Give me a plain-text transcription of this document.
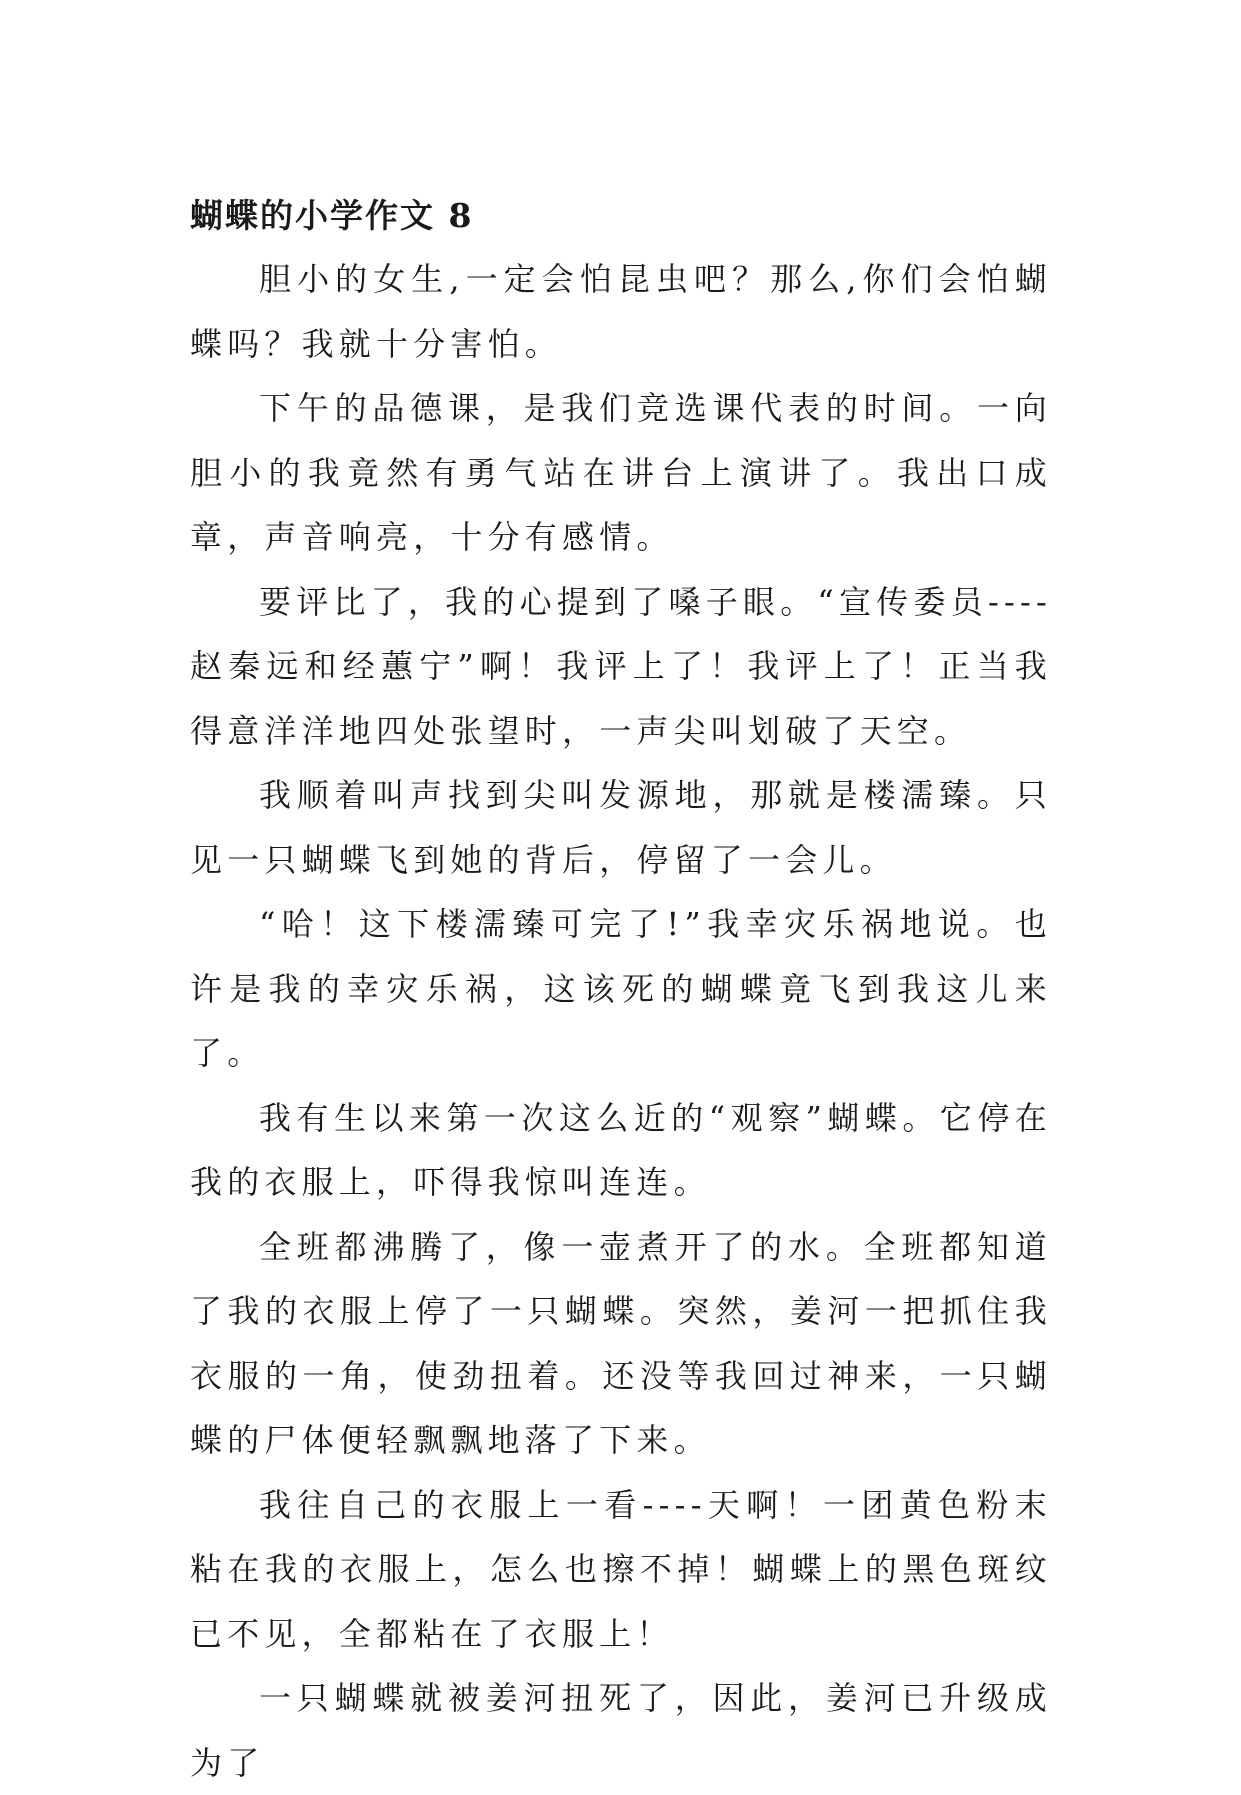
蝴蝶的小学作文 8

胆小的女生,一定会怕昆虫吧？那么,你们会怕蝴蝶吗？我就十分害怕。

下午的品德课，是我们竞选课代表的时间。一向胆小的我竟然有勇气站在讲台上演讲了。我出口成章，声音响亮，十分有感情。

要评比了，我的心提到了嗓子眼。“宣传委员----赵秦远和经蕙宁”啊！我评上了！我评上了！正当我得意洋洋地四处张望时，一声尖叫划破了天空。

我顺着叫声找到尖叫发源地，那就是楼濡臻。只见一只蝴蝶飞到她的背后，停留了一会儿。

“哈！这下楼濡臻可完了!”我幸灾乐祸地说。也许是我的幸灾乐祸，这该死的蝴蝶竟飞到我这儿来了。

我有生以来第一次这么近的“观察”蝴蝶。它停在我的衣服上，吓得我惊叫连连。

全班都沸腾了，像一壶煮开了的水。全班都知道了我的衣服上停了一只蝴蝶。突然，姜河一把抓住我衣服的一角，使劲扭着。还没等我回过神来，一只蝴蝶的尸体便轻飘飘地落了下来。

我往自己的衣服上一看----天啊！一团黄色粉末粘在我的衣服上，怎么也擦不掉！蝴蝶上的黑色斑纹已不见，全都粘在了衣服上！

一只蝴蝶就被姜河扭死了，因此，姜河已升级成为了
